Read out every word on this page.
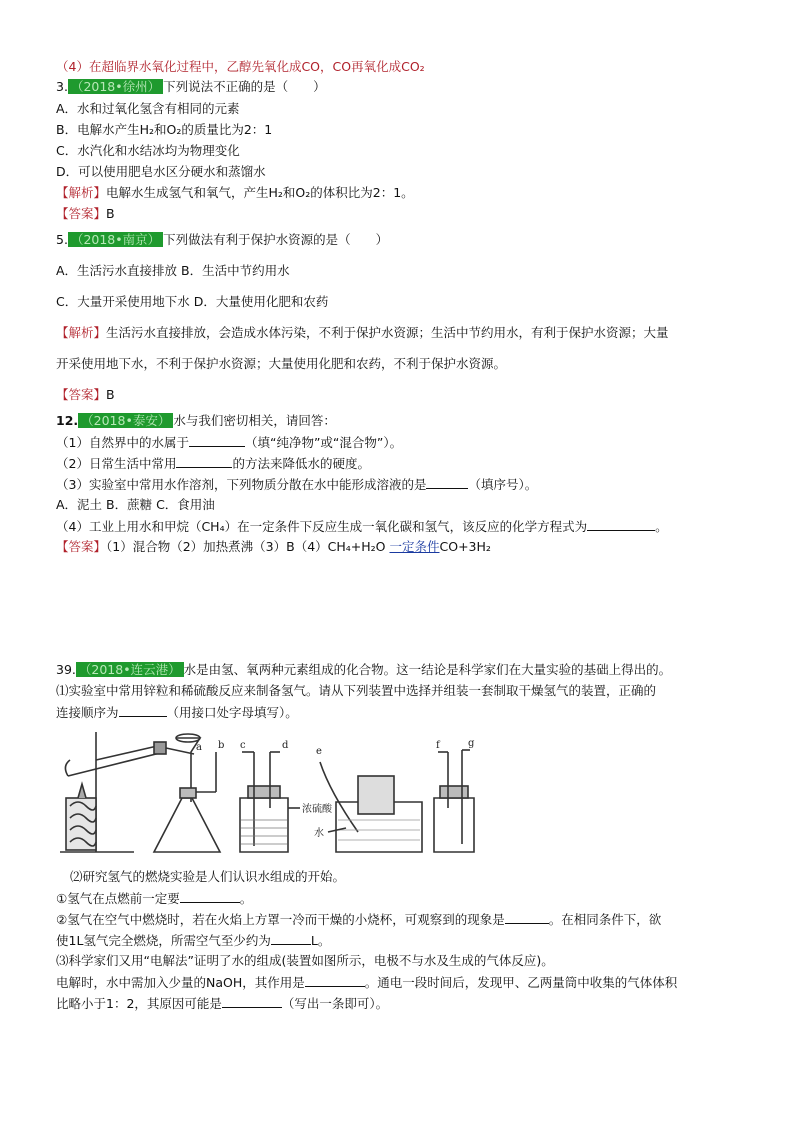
（4）在超临界水氧化过程中，乙醇先氧化成CO，CO再氧化成CO₂
3. （2018•徐州） 下列说法不正确的是（　　）
A．水和过氧化氢含有相同的元素
B．电解水产生H₂和O₂的质量比为2：1
C．水汽化和水结冰均为物理变化
D．可以使用肥皂水区分硬水和蒸馏水
【解析】电解水生成氢气和氧气，产生H₂和O₂的体积比为2：1。
【答案】B
5. （2018•南京） 下列做法有利于保护水资源的是（　　）
A．生活污水直接排放 B．生活中节约用水
C．大量开采使用地下水 D．大量使用化肥和农药
【解析】生活污水直接排放，会造成水体污染，不利于保护水资源；生活中节约用水，有利于保护水资源；大量
开采使用地下水，不利于保护水资源；大量使用化肥和农药，不利于保护水资源。
【答案】B
12. （2018•泰安） 水与我们密切相关，请回答：
（1）自然界中的水属于	（填“纯净物”或“混合物”）。
（2）日常生活中常用	的方法来降低水的硬度。
（3）实验室中常用水作溶剂，下列物质分散在水中能形成溶液的是	（填序号）。
A．泥土 B．蔗糖 C．食用油
（4）工业上用水和甲烷（CH₄）在一定条件下反应生成一氧化碳和氢气，该反应的化学方程式为	。
【答案】（1）混合物（2）加热煮沸（3）B（4）CH₄+H₂O 一定条件CO+3H₂
39. （2018•连云港） 水是由氢、氧两种元素组成的化合物。这一结论是科学家们在大量实验的基础上得出的。
⑴实验室中常用锌粒和稀硫酸反应来制备氢气。请从下列装置中选择并组装一套制取干燥氢气的装置，正确的
连接顺序为	（用接口处字母填写）。
a b c	d
e
f	g
浓硫酸
水
⑵研究氢气的燃烧实验是人们认识水组成的开始。
①氢气在点燃前一定要	。
②氢气在空气中燃烧时，若在火焰上方罩一冷而干燥的小烧杯，可观察到的现象是	。在相同条件下，欲
使1L氢气完全燃烧，所需空气至少约为	L。
⑶科学家们又用“电解法”证明了水的组成(装置如图所示，电极不与水及生成的气体反应)。
电解时，水中需加入少量的NaOH，其作用是	。通电一段时间后，发现甲、乙两量筒中收集的气体体积
比略小于1：2，其原因可能是	（写出一条即可）。
